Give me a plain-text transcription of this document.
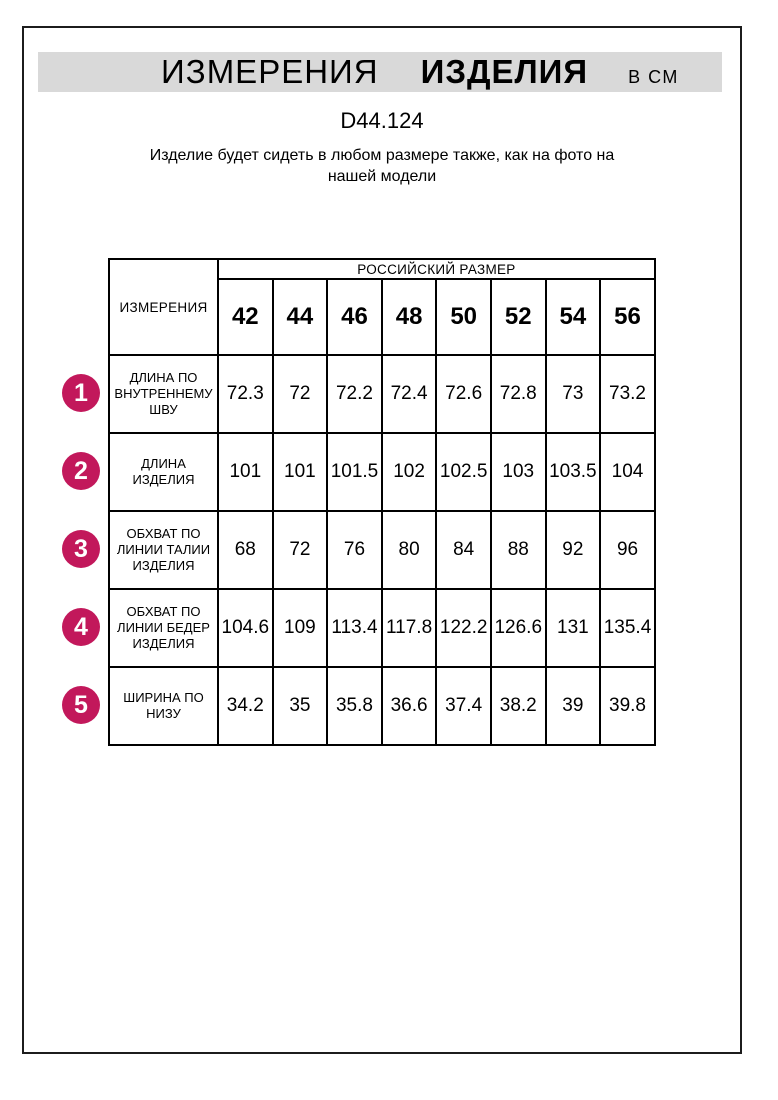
ИЗМЕРЕНИЯ ИЗДЕЛИЯ В СМ
D44.124
Изделие будет сидеть в любом размере также, как на фото на
нашей модели
ИЗМЕРЕНИЯ	РОССИЙСКИЙ РАЗМЕР							
	42	44	46	48	50	52	54	56

ДЛИНА ПО
ВНУТРЕННЕМУ
ШВУ	72.3	72	72.2	72.4	72.6	72.8	73	73.2

ДЛИНА
ИЗДЕЛИЯ	101	101	101.5	102	102.5	103	103.5	104

ОБХВАТ ПО
ЛИНИИ ТАЛИИ
ИЗДЕЛИЯ	68	72	76	80	84	88	92	96

ОБХВАТ ПО
ЛИНИИ БЕДЕР
ИЗДЕЛИЯ	104.6	109	113.4	117.8	122.2	126.6	131	135.4

ШИРИНА ПО
НИЗУ	34.2	35	35.8	36.6	37.4	38.2	39	39.8
1
2
3
4
5
